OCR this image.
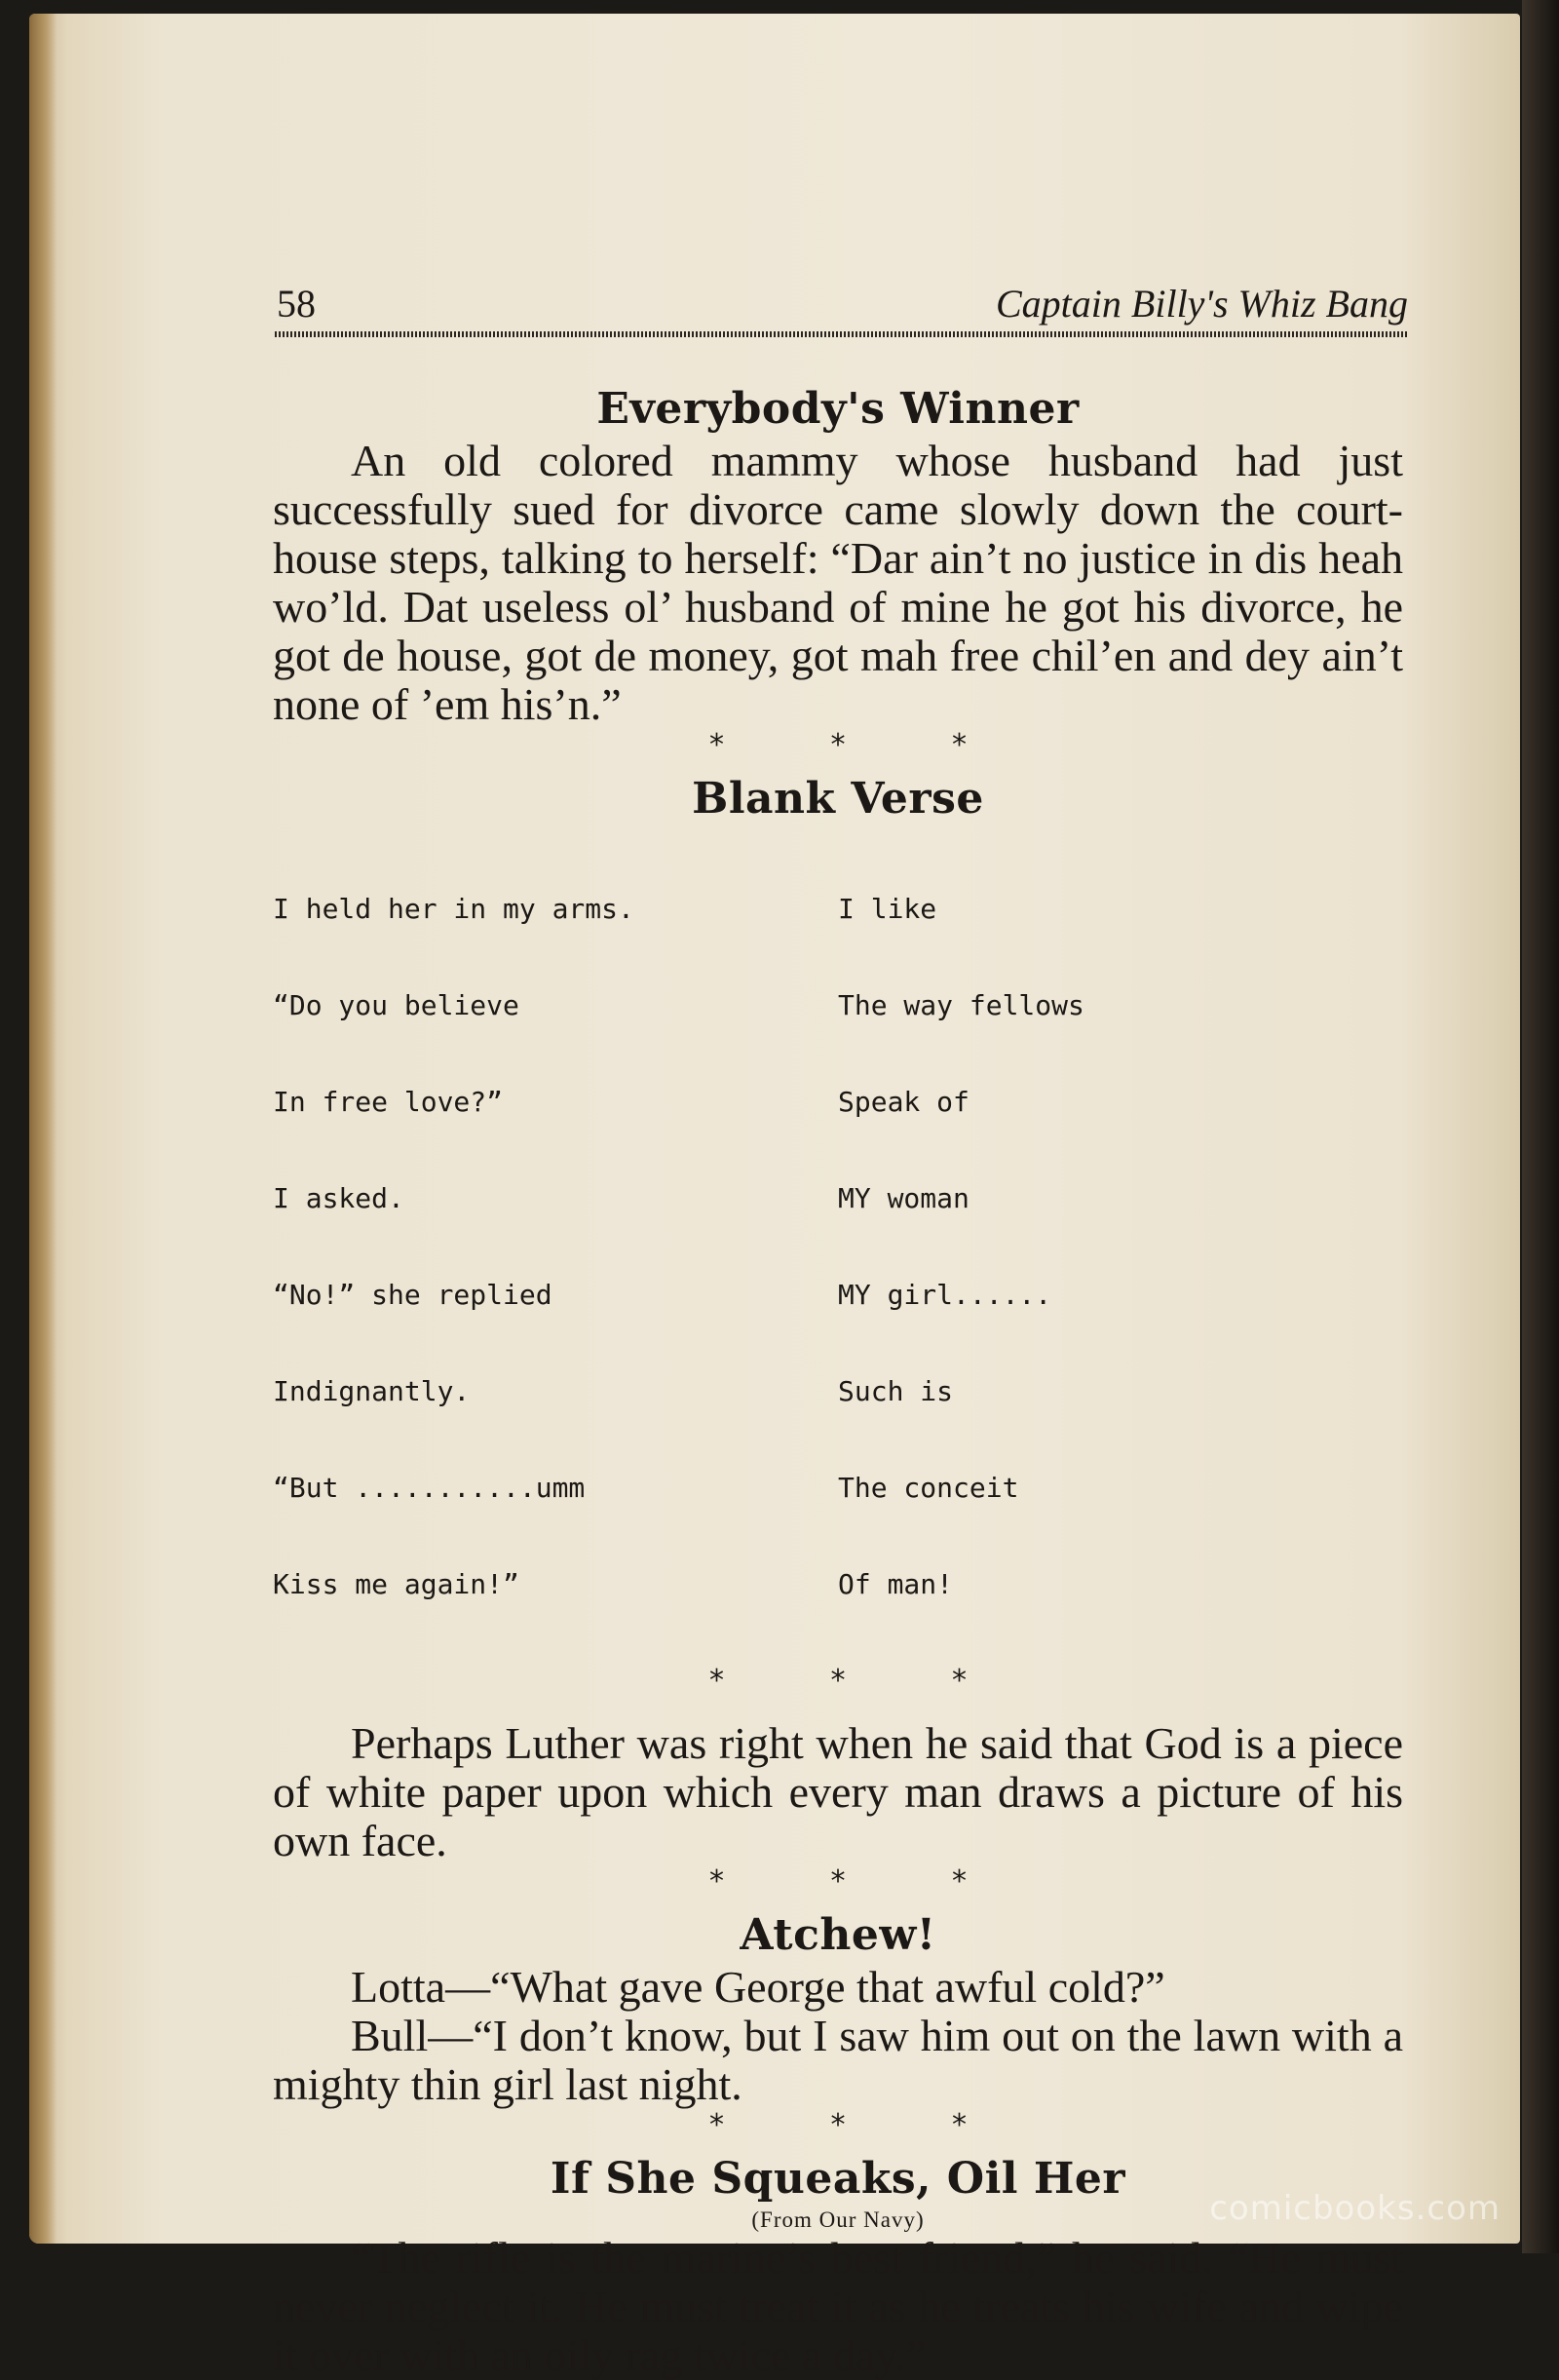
58	Captain Billy's Whiz Bang
Everybody's Winner

An old colored mammy whose husband had just successfully sued for divorce came slowly down the court-house steps, talking to herself: “Dar ain’t no justice in dis heah wo’ld. Dat useless ol’ husband of mine he got his divorce, he got de house, got de money, got mah free chil’en and dey ain’t none of ’em his’n.”

* * *
Blank Verse

I held her in my arms.

“Do you believe

In free love?”

I asked.

“No!” she replied

Indignantly.

“But ...........umm

Kiss me again!”

I like

The way fellows

Speak of

MY woman

MY girl......

Such is

The conceit

Of man!

* * *

Perhaps Luther was right when he said that God is a piece of white paper upon which every man draws a picture of his own face.

* * *
Atchew!

Lotta—“What gave George that awful cold?”

Bull—“I don’t know, but I saw him out on the lawn with a mighty thin girl last night.

* * *
If She Squeaks, Oil Her
(From Our Navy)

“The rifle is the marine’s best friend,” he said. “He must never neglect it. He must treat it as he treats his wife and wipe it over with an oily rag twice a day.”

comicbooks.com
